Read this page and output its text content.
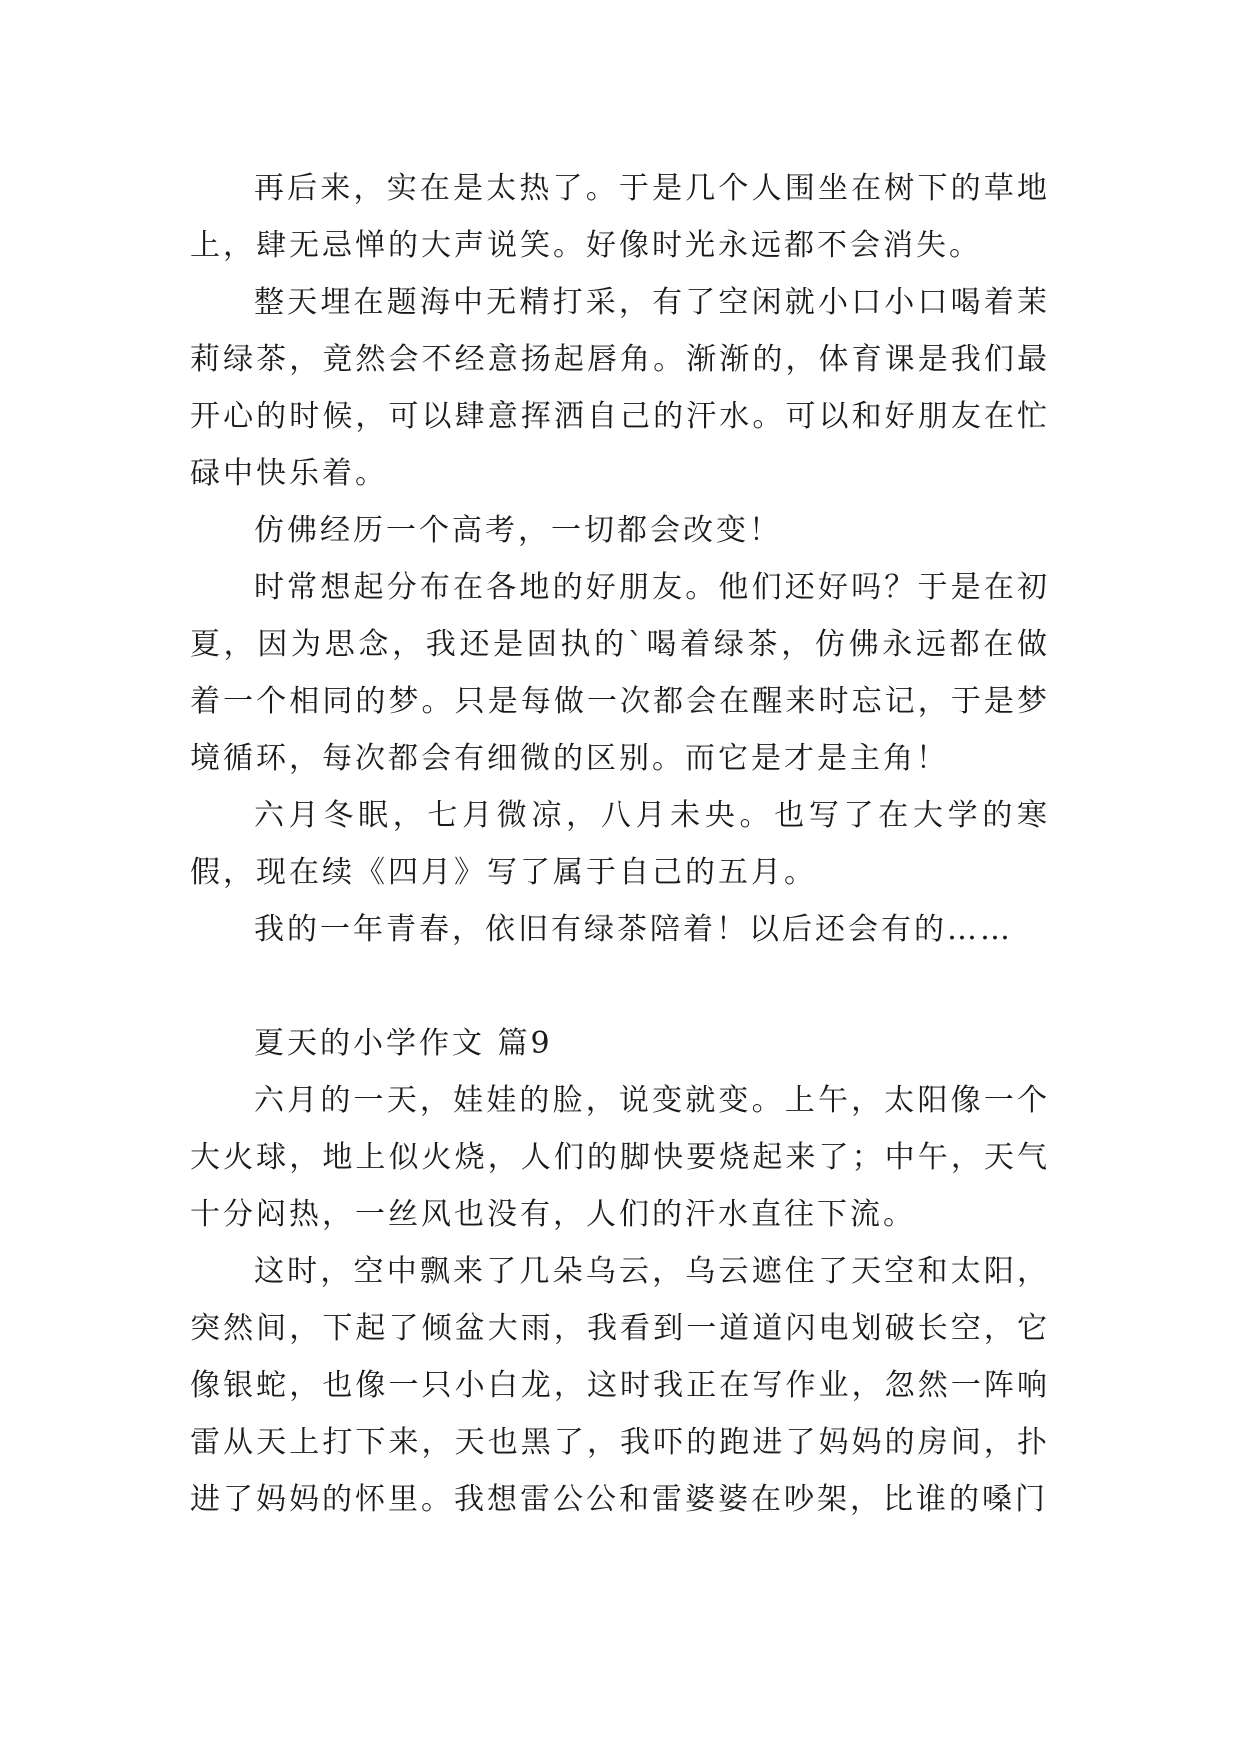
再后来，实在是太热了。于是几个人围坐在树下的草地上，肆无忌惮的大声说笑。好像时光永远都不会消失。

整天埋在题海中无精打采，有了空闲就小口小口喝着茉莉绿茶，竟然会不经意扬起唇角。渐渐的，体育课是我们最开心的时候，可以肆意挥洒自己的汗水。可以和好朋友在忙碌中快乐着。

仿佛经历一个高考，一切都会改变！

时常想起分布在各地的好朋友。他们还好吗？于是在初夏，因为思念，我还是固执的`喝着绿茶，仿佛永远都在做着一个相同的梦。只是每做一次都会在醒来时忘记，于是梦境循环，每次都会有细微的区别。而它是才是主角！

六月冬眠，七月微凉，八月未央。也写了在大学的寒假，现在续《四月》写了属于自己的五月。

我的一年青春，依旧有绿茶陪着！以后还会有的……

夏天的小学作文 篇9

六月的一天，娃娃的脸，说变就变。上午，太阳像一个大火球，地上似火烧，人们的脚快要烧起来了；中午，天气十分闷热，一丝风也没有，人们的汗水直往下流。

这时，空中飘来了几朵乌云，乌云遮住了天空和太阳，突然间，下起了倾盆大雨，我看到一道道闪电划破长空，它像银蛇，也像一只小白龙，这时我正在写作业，忽然一阵响雷从天上打下来，天也黑了，我吓的跑进了妈妈的房间，扑进了妈妈的怀里。我想雷公公和雷婆婆在吵架，比谁的嗓门
